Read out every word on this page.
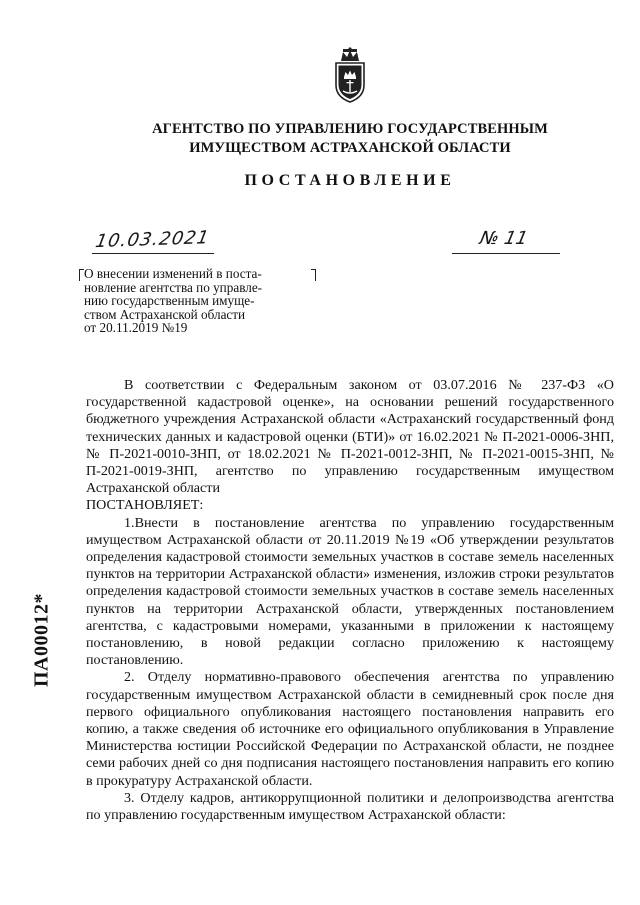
АГЕНТСТВО ПО УПРАВЛЕНИЮ ГОСУДАРСТВЕННЫМ
ИМУЩЕСТВОМ АСТРАХАНСКОЙ ОБЛАСТИ
ПОСТАНОВЛЕНИЕ
10.03.2021	№ 11

О внесении изменений в поста-

новление агентства по управле-

нию государственным имуще-

ством Астраханской области

от 20.11.2019 №19

В соответствии с Федеральным законом от 03.07.2016 № 237-ФЗ «О государственной кадастровой оценке», на основании решений государственного бюджетного учреждения Астраханской области «Астраханский государственный фонд технических данных и кадастровой оценки (БТИ)» от 16.02.2021 № П-2021-0006-ЗНП, № П-2021-0010-ЗНП, от 18.02.2021 № П-2021-0012-ЗНП, № П-2021-0015-ЗНП, № П-2021-0019-ЗНП, агентство по управлению государственным имуществом Астраханской области

ПОСТАНОВЛЯЕТ:

1.Внести в постановление агентства по управлению государственным имуществом Астраханской области от 20.11.2019 №19 «Об утверждении результатов определения кадастровой стоимости земельных участков в составе земель населенных пунктов на территории Астраханской области» изменения, изложив строки результатов определения кадастровой стоимости земельных участков в составе земель населенных пунктов на территории Астраханской области, утвержденных постановлением агентства, с кадастровыми номерами, указанными в приложении к настоящему постановлению, в новой редакции согласно приложению к настоящему постановлению.

2. Отделу нормативно-правового обеспечения агентства по управлению государственным имуществом Астраханской области в семидневный срок после дня первого официального опубликования настоящего постановления направить его копию, а также сведения об источнике его официального опубликования в Управление Министерства юстиции Российской Федерации по Астраханской области, не позднее семи рабочих дней со дня подписания настоящего постановления направить его копию в прокуратуру Астраханской области.

3. Отделу кадров, антикоррупционной политики и делопроизводства агентства по управлению государственным имуществом Астраханской области:

ПА00012*
